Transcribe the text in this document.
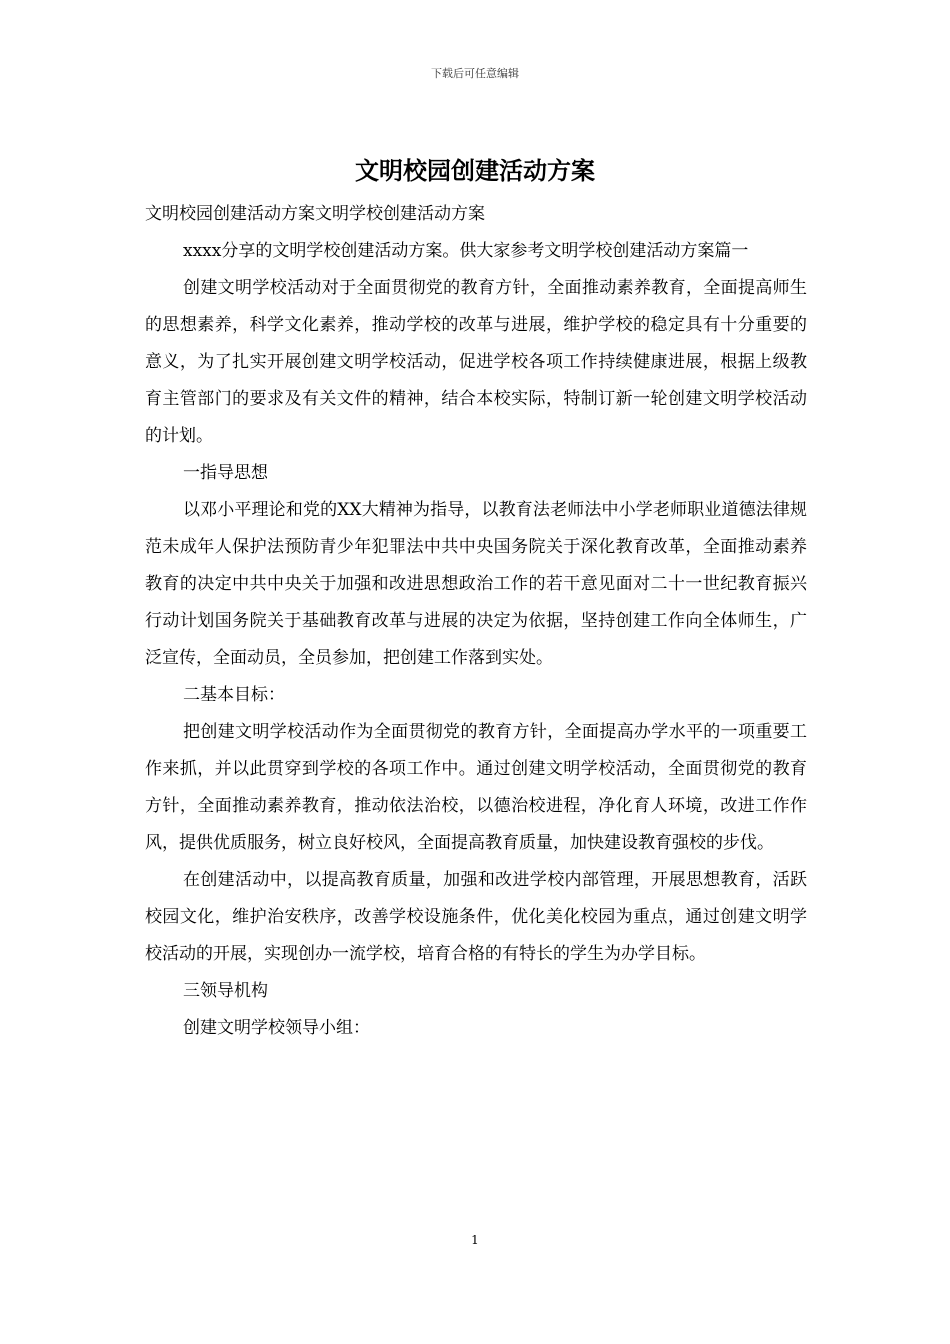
下载后可任意编辑
文明校园创建活动方案

文明校园创建活动方案文明学校创建活动方案

xxxx分享的文明学校创建活动方案。供大家参考文明学校创建活动方案篇一

创建文明学校活动对于全面贯彻党的教育方针，全面推动素养教育，全面提高师生的思想素养，科学文化素养，推动学校的改革与进展，维护学校的稳定具有十分重要的意义，为了扎实开展创建文明学校活动，促进学校各项工作持续健康进展，根据上级教育主管部门的要求及有关文件的精神，结合本校实际，特制订新一轮创建文明学校活动的计划。

一指导思想

以邓小平理论和党的XX大精神为指导，以教育法老师法中小学老师职业道德法律规范未成年人保护法预防青少年犯罪法中共中央国务院关于深化教育改革，全面推动素养教育的决定中共中央关于加强和改进思想政治工作的若干意见面对二十一世纪教育振兴行动计划国务院关于基础教育改革与进展的决定为依据，坚持创建工作向全体师生，广泛宣传，全面动员，全员参加，把创建工作落到实处。

二基本目标：

把创建文明学校活动作为全面贯彻党的教育方针，全面提高办学水平的一项重要工作来抓，并以此贯穿到学校的各项工作中。通过创建文明学校活动，全面贯彻党的教育方针，全面推动素养教育，推动依法治校，以德治校进程，净化育人环境，改进工作作风，提供优质服务，树立良好校风，全面提高教育质量，加快建设教育强校的步伐。

在创建活动中，以提高教育质量，加强和改进学校内部管理，开展思想教育，活跃校园文化，维护治安秩序，改善学校设施条件，优化美化校园为重点，通过创建文明学校活动的开展，实现创办一流学校，培育合格的有特长的学生为办学目标。

三领导机构

创建文明学校领导小组：

1
